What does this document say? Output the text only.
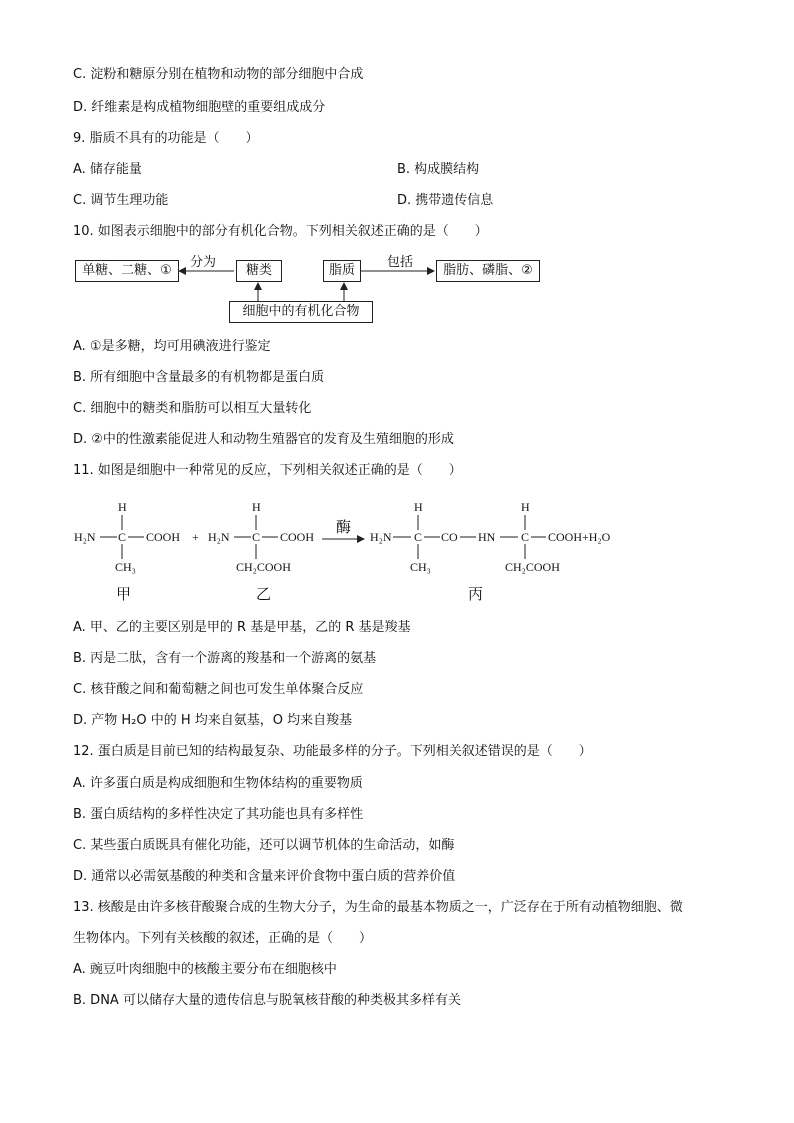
C. 淀粉和糖原分别在植物和动物的部分细胞中合成
D. 纤维素是构成植物细胞壁的重要组成成分
9. 脂质不具有的功能是（　　）
A. 储存能量	B. 构成膜结构
C. 调节生理功能	D. 携带遗传信息
10. 如图表示细胞中的部分有机化合物。下列相关叙述正确的是（　　）
单糖、二糖、①
分为
糖类	脂质
包括
脂肪、磷脂、②
细胞中的有机化合物
A. ①是多糖，均可用碘液进行鉴定
B. 所有细胞中含量最多的有机物都是蛋白质
C. 细胞中的糖类和脂肪可以相互大量转化
D. ②中的性激素能促进人和动物生殖器官的发育及生殖细胞的形成
11. 如图是细胞中一种常见的反应，下列相关叙述正确的是（　　）
H
H₂N C COOH
CH₃
+
H
H₂N C COOH
CH₂COOH
酶
H₂N
H
C CO HN
CH₃
H
C COOH+H₂O
CH₂COOH
甲	乙	丙
A. 甲、乙的主要区别是甲的 R 基是甲基，乙的 R 基是羧基
B. 丙是二肽，含有一个游离的羧基和一个游离的氨基
C. 核苷酸之间和葡萄糖之间也可发生单体聚合反应
D. 产物 H₂O 中的 H 均来自氨基，O 均来自羧基
12. 蛋白质是目前已知的结构最复杂、功能最多样的分子。下列相关叙述错误的是（　　）
A. 许多蛋白质是构成细胞和生物体结构的重要物质
B. 蛋白质结构的多样性决定了其功能也具有多样性
C. 某些蛋白质既具有催化功能，还可以调节机体的生命活动，如酶
D. 通常以必需氨基酸的种类和含量来评价食物中蛋白质的营养价值
13. 核酸是由许多核苷酸聚合成的生物大分子，为生命的最基本物质之一，广泛存在于所有动植物细胞、微
生物体内。下列有关核酸的叙述，正确的是（　　）
A. 豌豆叶肉细胞中的核酸主要分布在细胞核中
B. DNA 可以储存大量的遗传信息与脱氧核苷酸的种类极其多样有关
